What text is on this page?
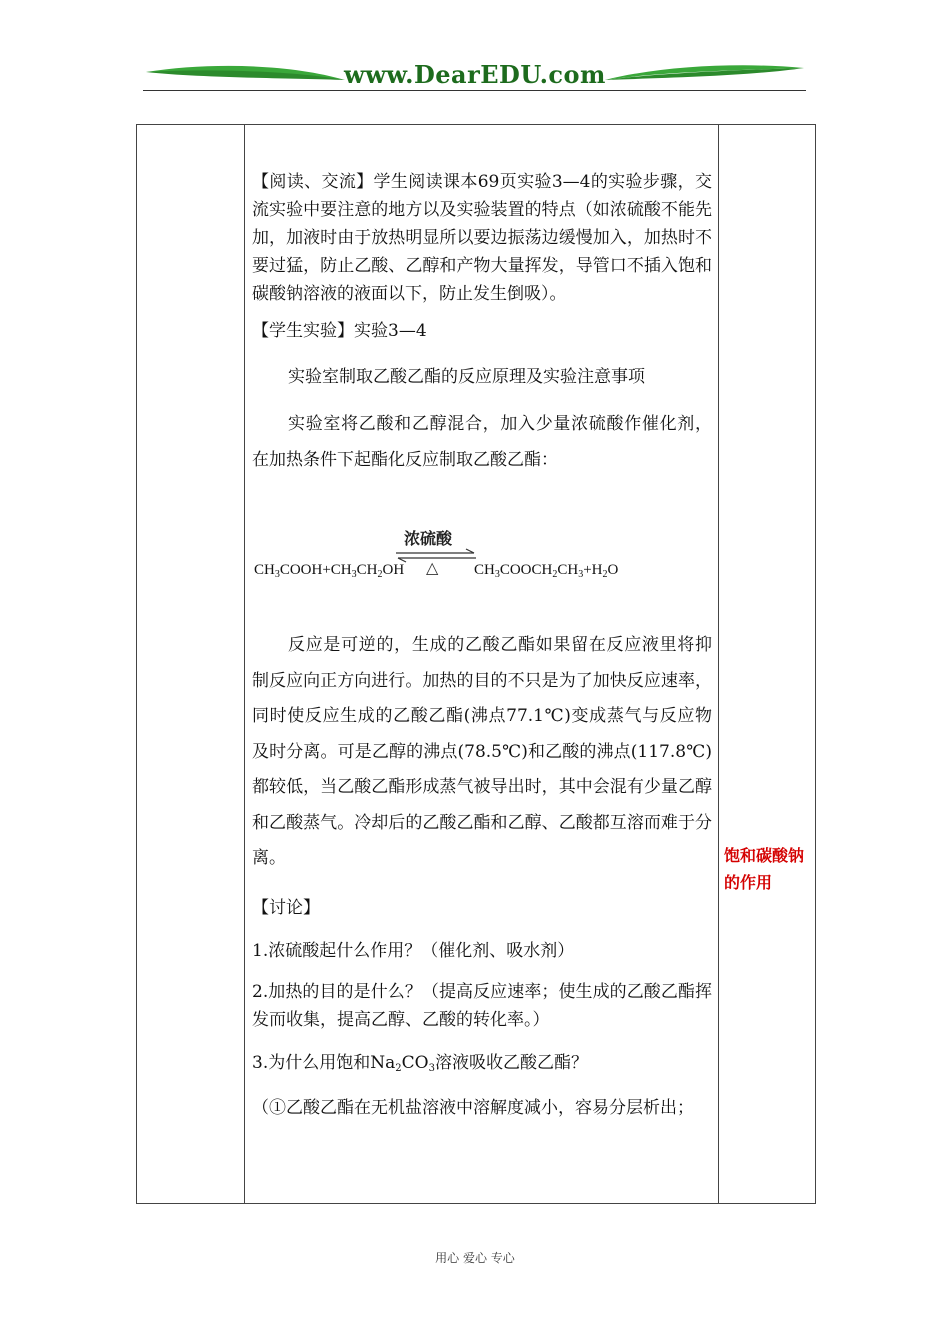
www.DearEDU.com

【阅读、交流】学生阅读课本69页实验3—4的实验步骤，交流实验中要注意的地方以及实验装置的特点（如浓硫酸不能先加，加液时由于放热明显所以要边振荡边缓慢加入，加热时不要过猛，防止乙酸、乙醇和产物大量挥发，导管口不插入饱和碳酸钠溶液的液面以下，防止发生倒吸）。

【学生实验】实验3—4

实验室制取乙酸乙酯的反应原理及实验注意事项

实验室将乙酸和乙醇混合，加入少量浓硫酸作催化剂，在加热条件下起酯化反应制取乙酸乙酯：

浓硫酸
△
$CH_3COOH+CH_3CH_2OH$	$CH_3COOCH_2CH_3+H_2O$

反应是可逆的，生成的乙酸乙酯如果留在反应液里将抑制反应向正方向进行。加热的目的不只是为了加快反应速率，同时使反应生成的乙酸乙酯(沸点77.1℃)变成蒸气与反应物及时分离。可是乙醇的沸点(78.5℃)和乙酸的沸点(117.8℃)都较低，当乙酸乙酯形成蒸气被导出时，其中会混有少量乙醇和乙酸蒸气。冷却后的乙酸乙酯和乙醇、乙酸都互溶而难于分离。

【讨论】

1.浓硫酸起什么作用？（催化剂、吸水剂）

2.加热的目的是什么？（提高反应速率；使生成的乙酸乙酯挥发而收集，提高乙醇、乙酸的转化率。）

3.为什么用饱和$Na_2CO_3$溶液吸收乙酸乙酯？

（①乙酸乙酯在无机盐溶液中溶解度减小，容易分层析出；

饱和碳酸钠的作用
用心 爱心 专心
